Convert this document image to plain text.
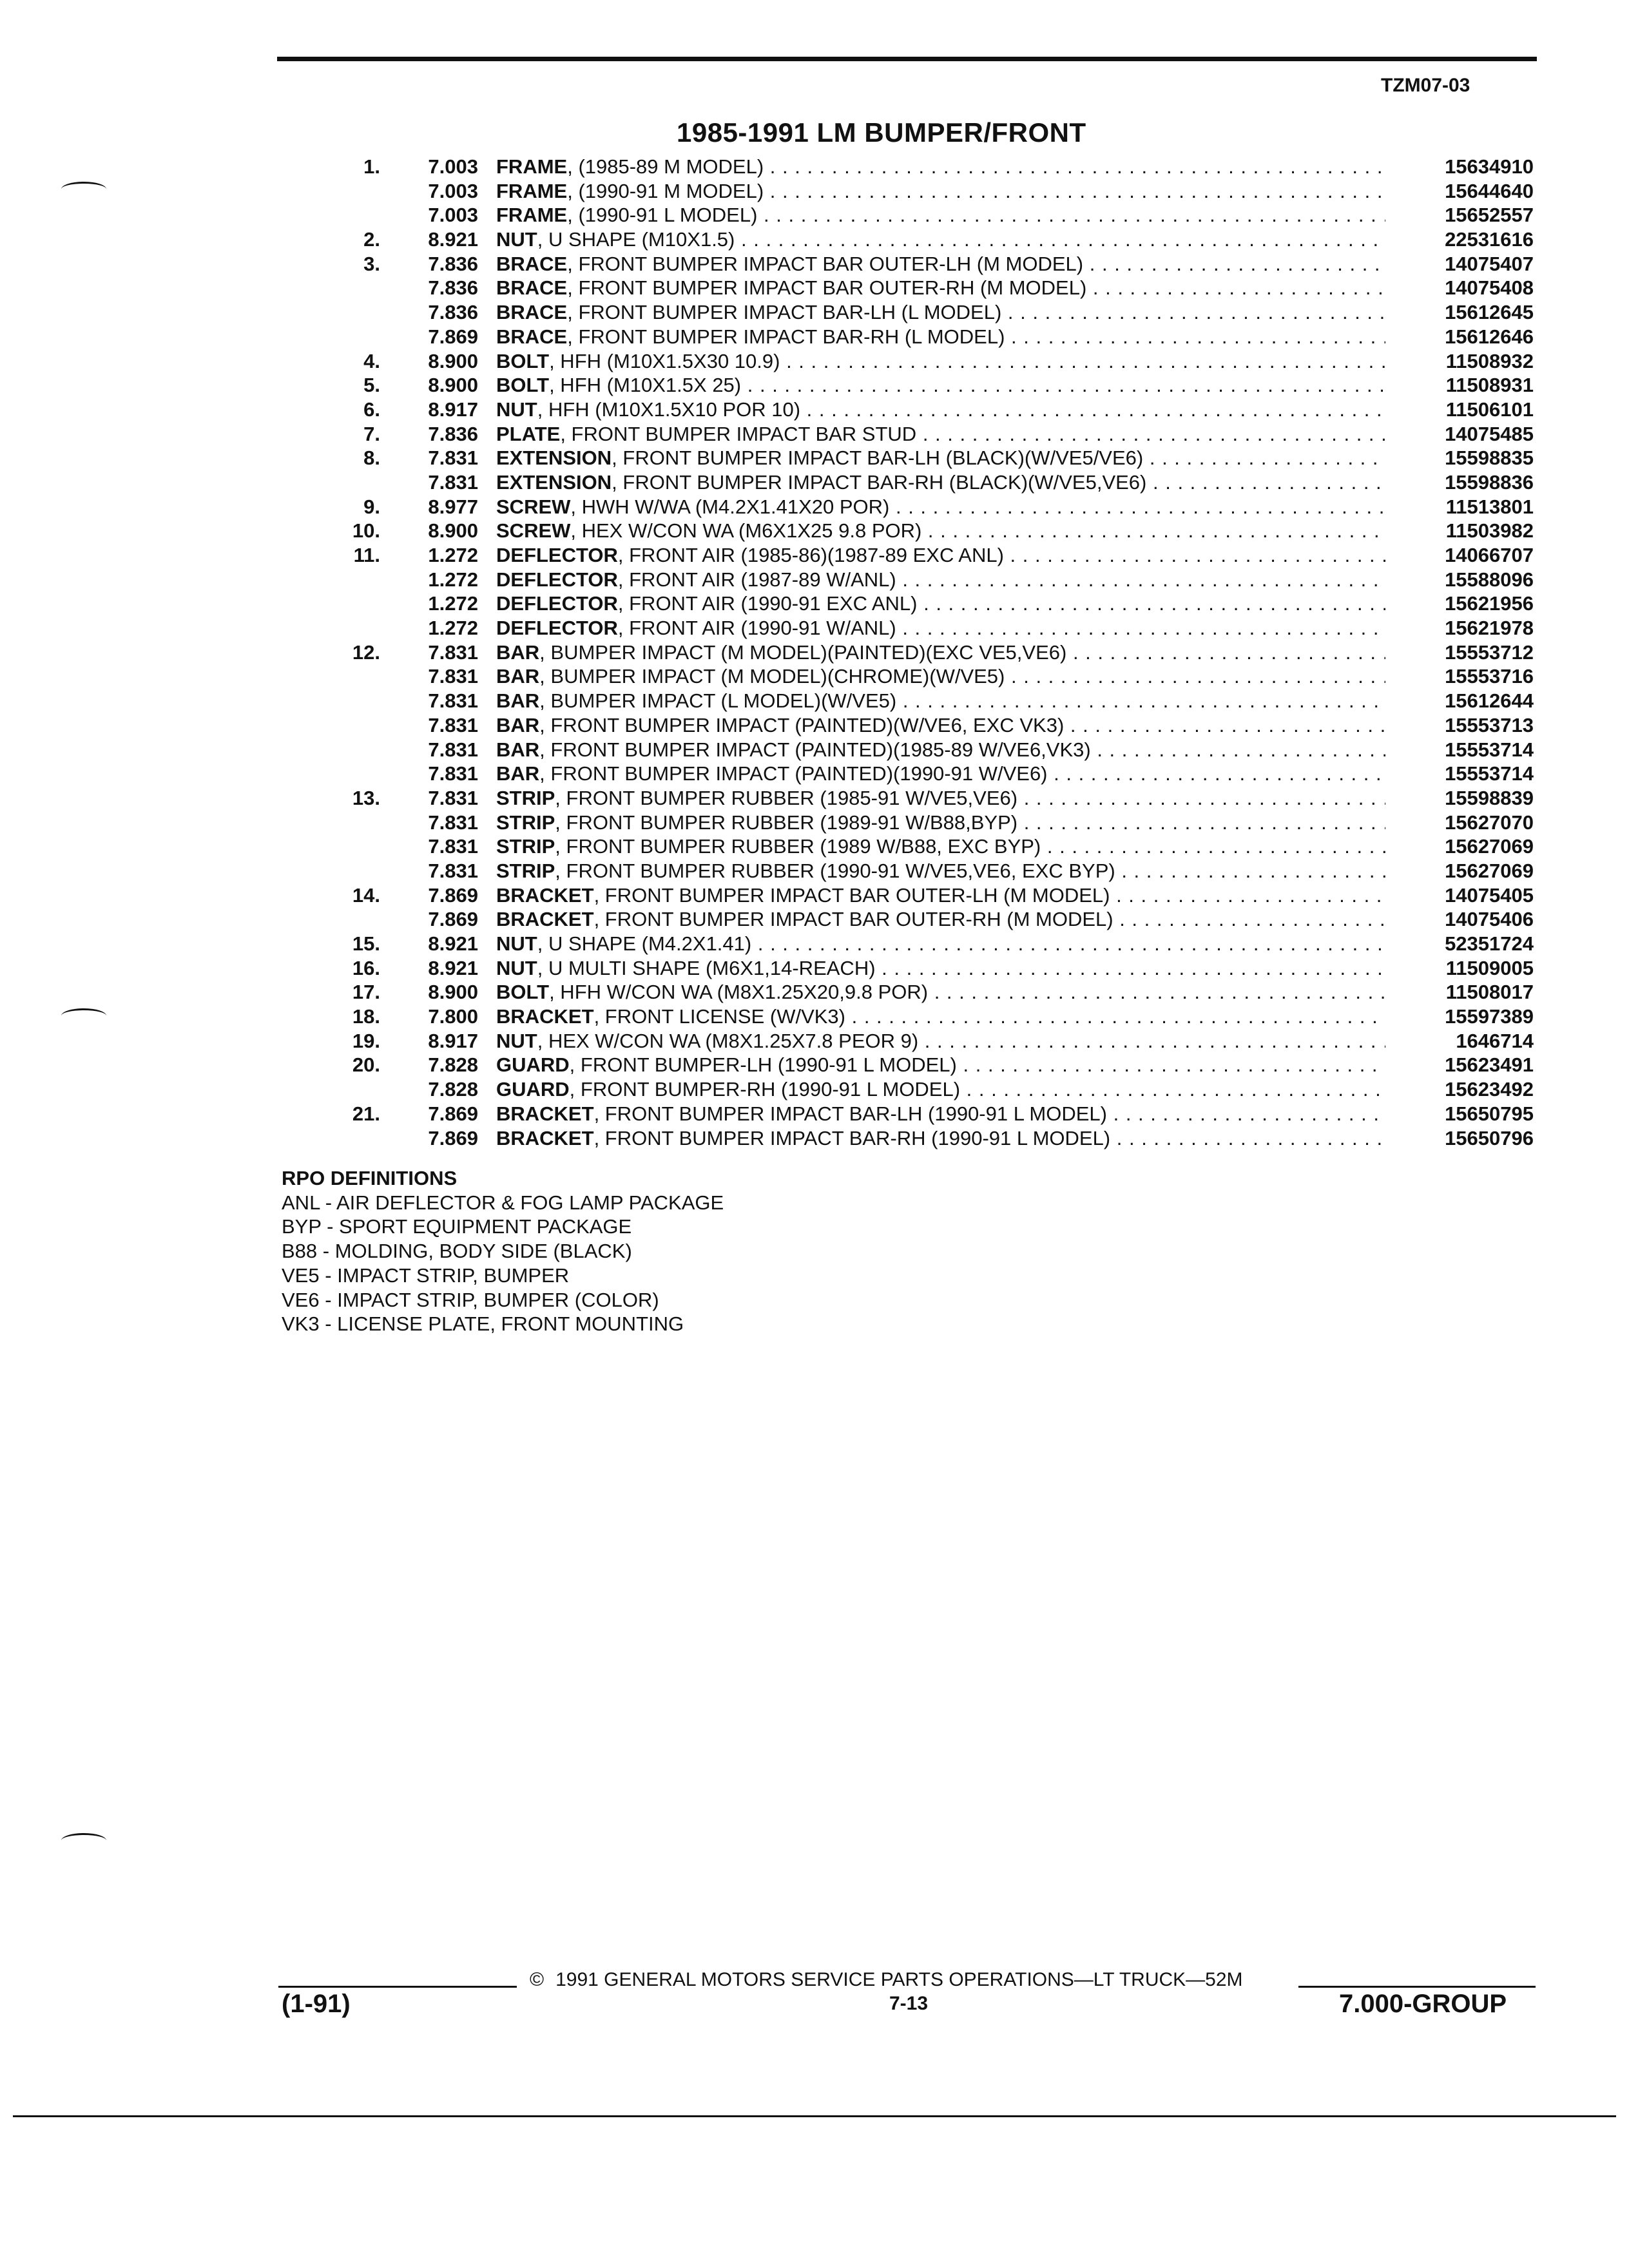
TZM07-03
1985-1991 LM BUMPER/FRONT
1.	7.003 FRAME, (1985-89 M MODEL) . . .	15634910
7.003 FRAME, (1990-91 M MODEL) . . .	15644640
7.003 FRAME, (1990-91 L MODEL) . . .	15652557
2.	8.921 NUT, U SHAPE (M10X1.5) . . .	22531616
3.	7.836 BRACE, FRONT BUMPER IMPACT BAR OUTER-LH (M MODEL) . . .	14075407
7.836 BRACE, FRONT BUMPER IMPACT BAR OUTER-RH (M MODEL) . . .	14075408
7.836 BRACE, FRONT BUMPER IMPACT BAR-LH (L MODEL) . . .	15612645
7.869 BRACE, FRONT BUMPER IMPACT BAR-RH (L MODEL) . . .	15612646
4.	8.900 BOLT, HFH (M10X1.5X30 10.9) . . .	11508932
5.	8.900 BOLT, HFH (M10X1.5X 25) . . .	11508931
6.	8.917 NUT, HFH (M10X1.5X10 POR 10) . . .	11506101
7.	7.836 PLATE, FRONT BUMPER IMPACT BAR STUD . . .	14075485
8.	7.831 EXTENSION, FRONT BUMPER IMPACT BAR-LH (BLACK)(W/VE5/VE6) . . .	15598835
7.831 EXTENSION, FRONT BUMPER IMPACT BAR-RH (BLACK)(W/VE5,VE6) . . .	15598836
9.	8.977 SCREW, HWH W/WA (M4.2X1.41X20 POR) . . .	11513801
10.	8.900 SCREW, HEX W/CON WA (M6X1X25 9.8 POR) . . .	11503982
11.	1.272 DEFLECTOR, FRONT AIR (1985-86)(1987-89 EXC ANL) . . .	14066707
1.272 DEFLECTOR, FRONT AIR (1987-89 W/ANL) . . .	15588096
1.272 DEFLECTOR, FRONT AIR (1990-91 EXC ANL) . . .	15621956
1.272 DEFLECTOR, FRONT AIR (1990-91 W/ANL) . . .	15621978
12.	7.831 BAR, BUMPER IMPACT (M MODEL)(PAINTED)(EXC VE5,VE6) . . .	15553712
7.831 BAR, BUMPER IMPACT (M MODEL)(CHROME)(W/VE5) . . .	15553716
7.831 BAR, BUMPER IMPACT (L MODEL)(W/VE5) . . .	15612644
7.831 BAR, FRONT BUMPER IMPACT (PAINTED)(W/VE6, EXC VK3) . . .	15553713
7.831 BAR, FRONT BUMPER IMPACT (PAINTED)(1985-89 W/VE6,VK3) . . .	15553714
7.831 BAR, FRONT BUMPER IMPACT (PAINTED)(1990-91 W/VE6) . . .	15553714
13.	7.831 STRIP, FRONT BUMPER RUBBER (1985-91 W/VE5,VE6) . . .	15598839
7.831 STRIP, FRONT BUMPER RUBBER (1989-91 W/B88,BYP) . . .	15627070
7.831 STRIP, FRONT BUMPER RUBBER (1989 W/B88, EXC BYP) . . .	15627069
7.831 STRIP, FRONT BUMPER RUBBER (1990-91 W/VE5,VE6, EXC BYP) . . .	15627069
14.	7.869 BRACKET, FRONT BUMPER IMPACT BAR OUTER-LH (M MODEL) . . .	14075405
7.869 BRACKET, FRONT BUMPER IMPACT BAR OUTER-RH (M MODEL) . . .	14075406
15.	8.921 NUT, U SHAPE (M4.2X1.41) . . .	52351724
16.	8.921 NUT, U MULTI SHAPE (M6X1,14-REACH) . . .	11509005
17.	8.900 BOLT, HFH W/CON WA (M8X1.25X20,9.8 POR) . . .	11508017
18.	7.800 BRACKET, FRONT LICENSE (W/VK3) . . .	15597389
19.	8.917 NUT, HEX W/CON WA (M8X1.25X7.8 PEOR 9) . . .	1646714
20.	7.828 GUARD, FRONT BUMPER-LH (1990-91 L MODEL) . . .	15623491
7.828 GUARD, FRONT BUMPER-RH (1990-91 L MODEL) . . .	15623492
21.	7.869 BRACKET, FRONT BUMPER IMPACT BAR-LH (1990-91 L MODEL) . . .	15650795
7.869 BRACKET, FRONT BUMPER IMPACT BAR-RH (1990-91 L MODEL) . . .	15650796
RPO DEFINITIONS
ANL - AIR DEFLECTOR & FOG LAMP PACKAGE
BYP - SPORT EQUIPMENT PACKAGE
B88 - MOLDING, BODY SIDE (BLACK)
VE5 - IMPACT STRIP, BUMPER
VE6 - IMPACT STRIP, BUMPER (COLOR)
VK3 - LICENSE PLATE, FRONT MOUNTING
© 1991 GENERAL MOTORS SERVICE PARTS OPERATIONS—LT TRUCK—52M
(1-91)	7-13	7.000-GROUP
